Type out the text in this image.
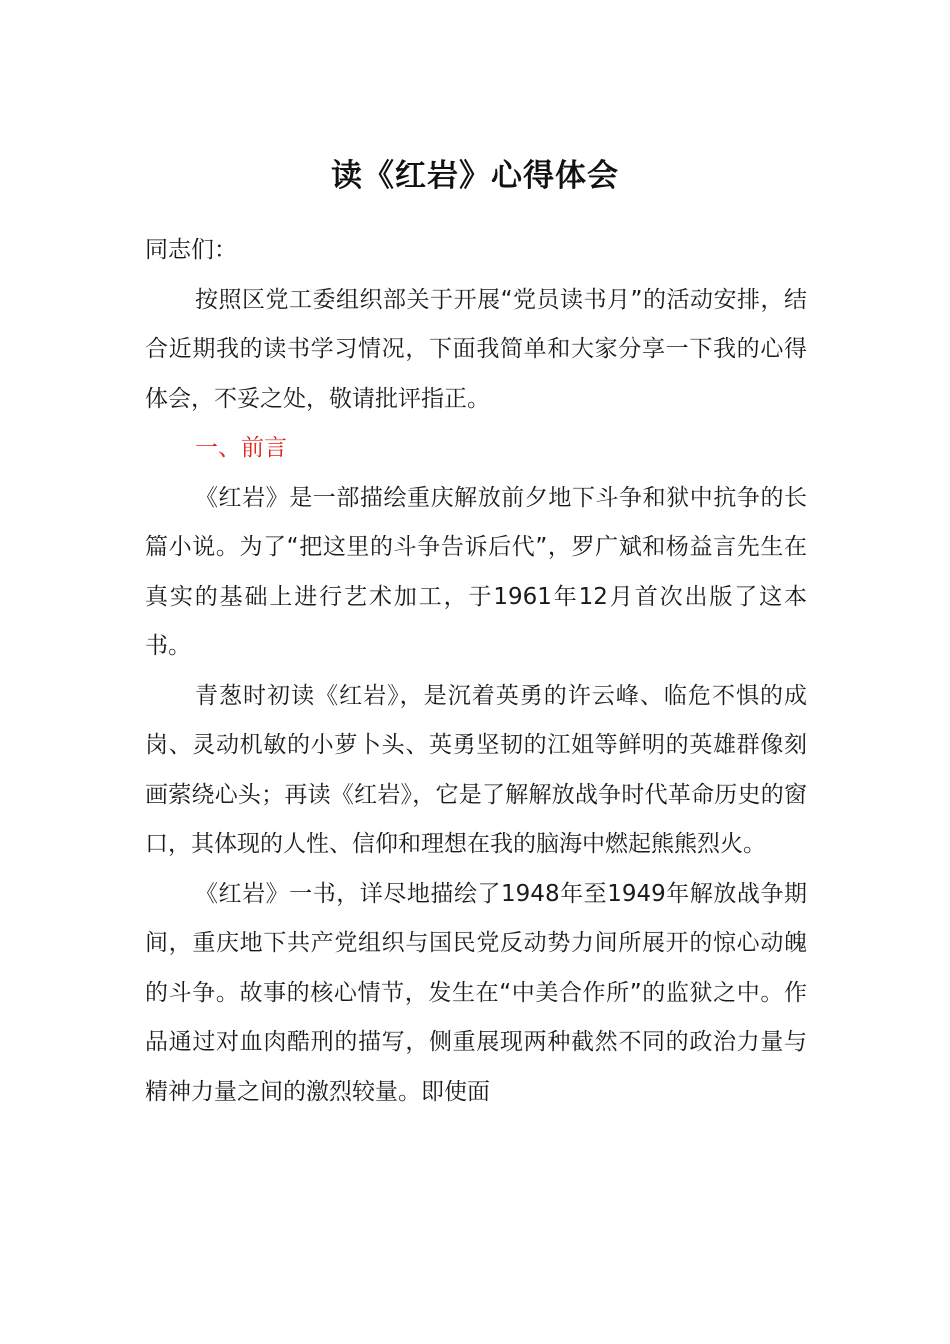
读《红岩》心得体会

同志们：

按照区党工委组织部关于开展“党员读书月”的活动安排，结合近期我的读书学习情况，下面我简单和大家分享一下我的心得体会，不妥之处，敬请批评指正。

一、前言

《红岩》是一部描绘重庆解放前夕地下斗争和狱中抗争的长篇小说。为了“把这里的斗争告诉后代”，罗广斌和杨益言先生在真实的基础上进行艺术加工，于1961年12月首次出版了这本书。

青葱时初读《红岩》，是沉着英勇的许云峰、临危不惧的成岗、灵动机敏的小萝卜头、英勇坚韧的江姐等鲜明的英雄群像刻画萦绕心头；再读《红岩》，它是了解解放战争时代革命历史的窗口，其体现的人性、信仰和理想在我的脑海中燃起熊熊烈火。

《红岩》一书，详尽地描绘了1948年至1949年解放战争期间，重庆地下共产党组织与国民党反动势力间所展开的惊心动魄的斗争。故事的核心情节，发生在“中美合作所”的监狱之中。作品通过对血肉酷刑的描写，侧重展现两种截然不同的政治力量与精神力量之间的激烈较量。即使面
